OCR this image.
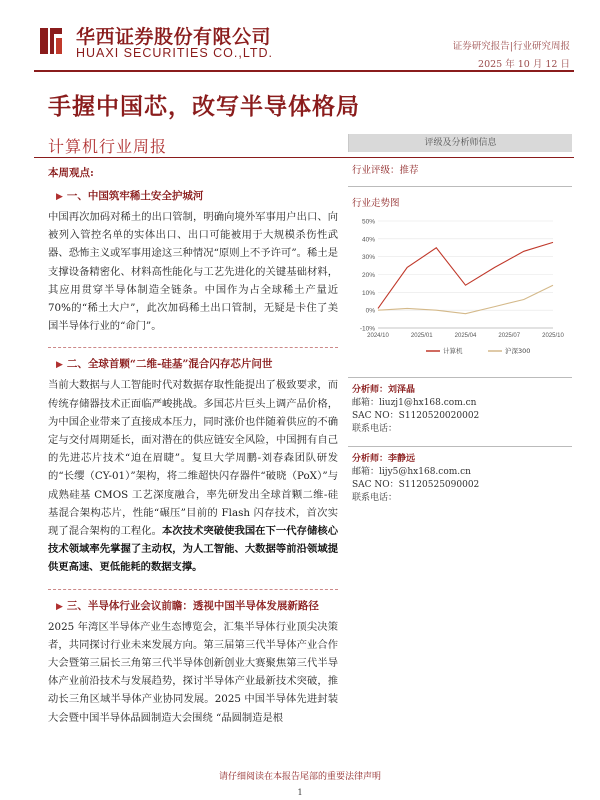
华西证券股份有限公司
HUAXI SECURITIES CO.,LTD.	证券研究报告|行业研究周报
2025 年 10 月 12 日
手握中国芯，改写半导体格局
计算机行业周报
本周观点:
▶ 一、中国筑牢稀土安全护城河
中国再次加码对稀土的出口管制，明确向境外军事用户出口、向被列入管控名单的实体出口、出口可能被用于大规模杀伤性武器、恐怖主义或军事用途这三种情况“原则上不予许可”。稀土是支撑设备精密化、材料高性能化与工艺先进化的关键基础材料，其应用贯穿半导体制造全链条。中国作为占全球稀土产量近70%的“稀土大户”，此次加码稀土出口管制，无疑是卡住了美国半导体行业的“命门”。
▶ 二、全球首颗“二维-硅基”混合闪存芯片问世
当前大数据与人工智能时代对数据存取性能提出了极致要求，而传统存储器技术正面临严峻挑战。多国芯片巨头上调产品价格，为中国企业带来了直接成本压力，同时涨价也伴随着供应的不确定与交付周期延长，面对潜在的供应链安全风险，中国拥有自己的先进芯片技术“迫在眉睫”。复旦大学周鹏-刘春森团队研发的“长缨（CY-01）”架构，将二维超快闪存器件“破晓（PoX）”与成熟硅基 CMOS 工艺深度融合，率先研发出全球首颗二维-硅基混合架构芯片，性能“碾压”目前的 Flash 闪存技术，首次实现了混合架构的工程化。本次技术突破使我国在下一代存储核心技术领域率先掌握了主动权，为人工智能、大数据等前沿领域提供更高速、更低能耗的数据支撑。
▶ 三、半导体行业会议前瞻：透视中国半导体发展新路径
2025 年湾区半导体产业生态博览会，汇集半导体行业顶尖决策者，共同探讨行业未来发展方向。第三届第三代半导体产业合作大会暨第三届长三角第三代半导体创新创业大赛聚焦第三代半导体产业前沿技术与发展趋势，探讨半导体产业最新技术突破，推动长三角区域半导体产业协同发展。2025 中国半导体先进封装大会暨中国半导体晶圆制造大会围绕 “晶圆制造是根
评级及分析师信息
行业评级：推荐
行业走势图
-10%
0%
10%
20%
30%
40%
50%
2024/10	2025/01	2025/04	2025/07	2025/10
计算机	沪深300
分析师：刘泽晶
邮箱：liuzj1@hx168.com.cn
SAC NO：S1120520020002
联系电话：
分析师：李静远
邮箱：lijy5@hx168.com.cn
SAC NO：S1120525090002
联系电话：
请仔细阅读在本报告尾部的重要法律声明
1
